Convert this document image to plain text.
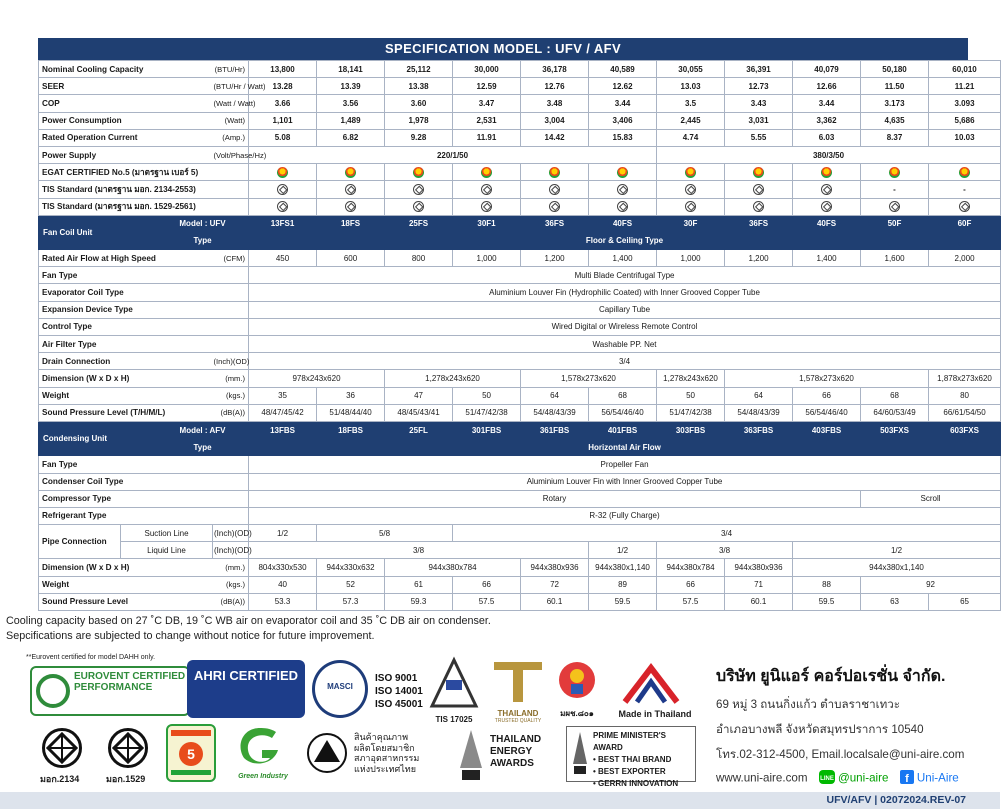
SPECIFICATION MODEL : UFV / AFV
Nominal Cooling Capacity			(BTU/Hr)	13,800	18,141	25,112	30,000	36,178	40,589	30,055	36,391	40,079	50,180	60,010
SEER			(BTU/Hr / Watt)	13.28	13.39	13.38	12.59	12.76	12.62	13.03	12.73	12.66	11.50	11.21
COP			(Watt / Watt)	3.66	3.56	3.60	3.47	3.48	3.44	3.5	3.43	3.44	3.173	3.093
Power Consumption			(Watt)	1,101	1,489	1,978	2,531	3,004	3,406	2,445	3,031	3,362	4,635	5,686
Rated Operation Current			(Amp.)	5.08	6.82	9.28	11.91	14.42	15.83	4.74	5.55	6.03	8.37	10.03
Power Supply			(Volt/Phase/Hz)	220/1/50						380/3/50				
EGAT CERTIFIED No.5 (มาตรฐาน เบอร์ 5)														
TIS Standard (มาตรฐาน มอก. 2134-2553)													-	-
TIS Standard (มาตรฐาน มอก. 1529-2561)														
Fan Coil Unit		Model : UFV		13FS1	18FS	25FS	30F1	36FS	40FS	30F	36FS	40FS	50F	60F
		Type		Floor & Ceiling Type										
Rated Air Flow at High Speed			(CFM)	450	600	800	1,000	1,200	1,400	1,000	1,200	1,400	1,600	2,000
Fan Type				Multi Blade Centrifugal Type										
Evaporator Coil Type				Aluminium Louver Fin (Hydrophilic Coated) with Inner Grooved Copper Tube										
Expansion Device Type				Capillary Tube										
Control Type				Wired Digital or Wireless Remote Control										
Air Filter Type				Washable PP. Net										
Drain Connection			(Inch)(OD)	3/4										
Dimension (W x D x H)			(mm.)	978x243x620		1,278x243x620		1,578x273x620		1,278x243x620	1,578x273x620			1,878x273x620
Weight			(kgs.)	35	36	47	50	64	68	50	64	66	68	80
Sound Pressure Level (T/H/M/L)			(dB(A))	48/47/45/42	51/48/44/40	48/45/43/41	51/47/42/38	54/48/43/39	56/54/46/40	51/47/42/38	54/48/43/39	56/54/46/40	64/60/53/49	66/61/54/50
Condensing Unit		Model : AFV		13FBS	18FBS	25FL	301FBS	361FBS	401FBS	303FBS	363FBS	403FBS	503FXS	603FXS
		Type		Horizontal Air Flow										
Fan Type				Propeller Fan										
Condenser Coil Type				Aluminium Louver Fin with Inner Grooved Copper Tube										
Compressor Type				Rotary									Scroll	
Refrigerant Type				R-32 (Fully Charge)										
Pipe Connection	Suction Line		(Inch)(OD)	1/2	5/8		3/4							
	Liquid Line		(Inch)(OD)	3/8					1/2	3/8		1/2		
Dimension (W x D x H)			(mm.)	804x330x530	944x330x632	944x380x784		944x380x936	944x380x1,140	944x380x784	944x380x936	944x380x1,140		
Weight			(kgs.)	40	52	61	66	72	89	66	71	88	92	
Sound Pressure Level			(dB(A))	53.3	57.3	59.3	57.5	60.1	59.5	57.5	60.1	59.5	63	65
Cooling capacity based on 27 ˚C DB, 19 ˚C WB air on evaporator coil and 35 ˚C DB air on condenser.
Sepcifications are subjected to change without notice for future improvement.
**Eurovent certified for model DAHH only.
EUROVENT CERTIFIED PERFORMANCE
AHRI CERTIFIED
MASCI
ISO 9001
ISO 14001
ISO 45001
TIS 17025
THAILAND
TRUSTED QUALITY
มผช.๘๐๑	Made in Thailand
มอก.2134	มอก.1529
5
Green Industry
สินค้าคุณภาพ
ผลิตโดยสมาชิก
สภาอุตสาหกรรม
แห่งประเทศไทย
THAILAND
ENERGY
AWARDS
PRIME MINISTER'S AWARD
• BEST THAI BRAND
• BEST EXPORTER
• GERRN INNOVATION
บริษัท ยูนิแอร์ คอร์ปอเรชั่น จำกัด.
69 หมู่ 3 ถนนกิ่งแก้ว ตำบลราชาเทวะ
อำเภอบางพลี จังหวัดสมุทรปราการ 10540
โทร.02-312-4500, Email.localsale@uni-aire.com
www.uni-aire.com LINE @uni-aire f Uni-Aire
UFV/AFV | 02072024.REV-07
